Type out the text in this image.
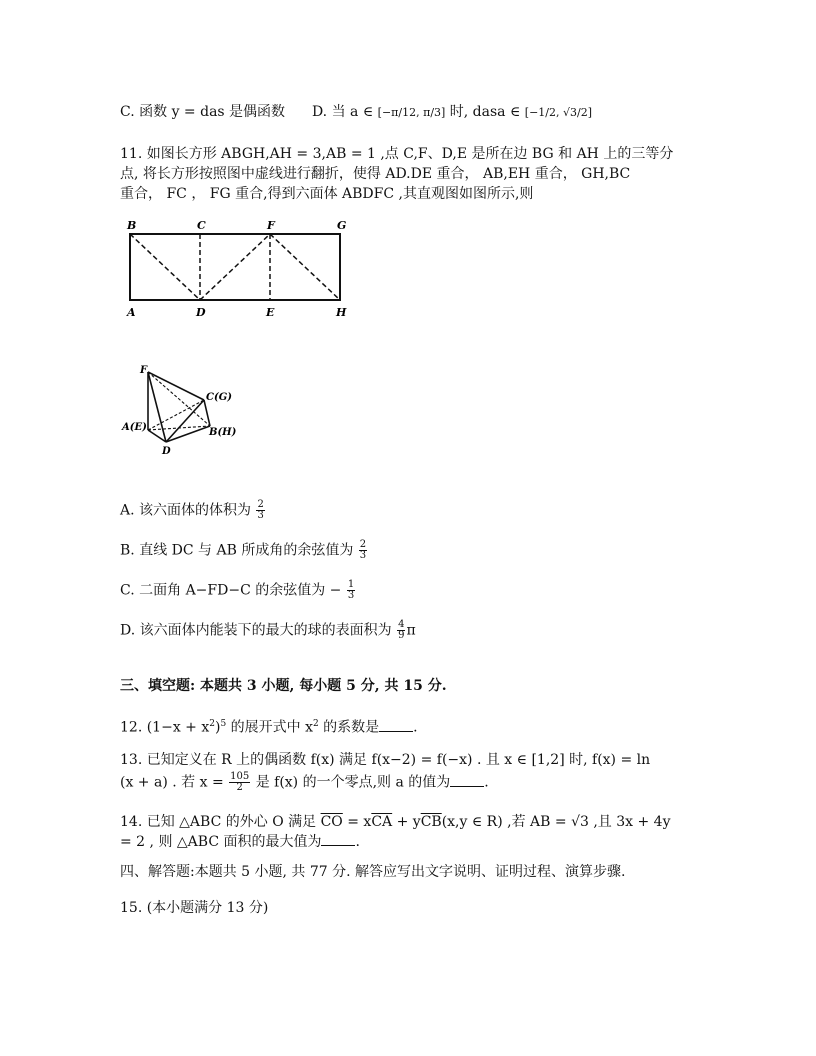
C. 函数 y = das 是偶函数 D. 当 a ∈ [−π/12, π/3] 时, dasa ∈ [−1/2, √3/2]
11. 如图长方形 ABGH,AH = 3,AB = 1 ,点 C,F、D,E 是所在边 BG 和 AH 上的三等分
点, 将长方形按照图中虚线进行翻折，使得 AD.DE 重合， AB,EH 重合， GH,BC
重合， FC ， FG 重合,得到六面体 ABDFC ,其直观图如图所示,则
B	C	F	G
A	D	E	H
F
C(G)
A(E)	B(H)
D
A. 该六面体的体积为 $\frac{2}{3}$
B. 直线 DC 与 AB 所成角的余弦值为 $\frac{2}{3}$
C. 二面角 A−FD−C 的余弦值为 − $\frac{1}{3}$
D. 该六面体内能装下的最大的球的表面积为 $\frac{4}{9}$ π
三、填空题: 本题共 3 小题, 每小题 5 分, 共 15 分.
12. $(1-x + x^2)^5$ 的展开式中 $x^2$ 的系数是 .
13. 已知定义在 R 上的偶函数 f(x) 满足 f(x−2) = f(−x) . 且 x ∈ [1,2] 时, f(x) = ln
(x + a) . 若 $x = \frac{105}{2}$ 是 f(x) 的一个零点,则 a 的值为 .
14. 已知 △ABC 的外心 O 满足 $\overline{CO} = x\overline{CA} + y\overline{CB}(x,y$ ∈ R) ,若 AB = √3 ,且 3x + 4y
= 2 , 则 △ABC 面积的最大值为 .
四、解答题:本题共 5 小题, 共 77 分. 解答应写出文字说明、证明过程、演算步骤.
15. (本小题满分 13 分)
